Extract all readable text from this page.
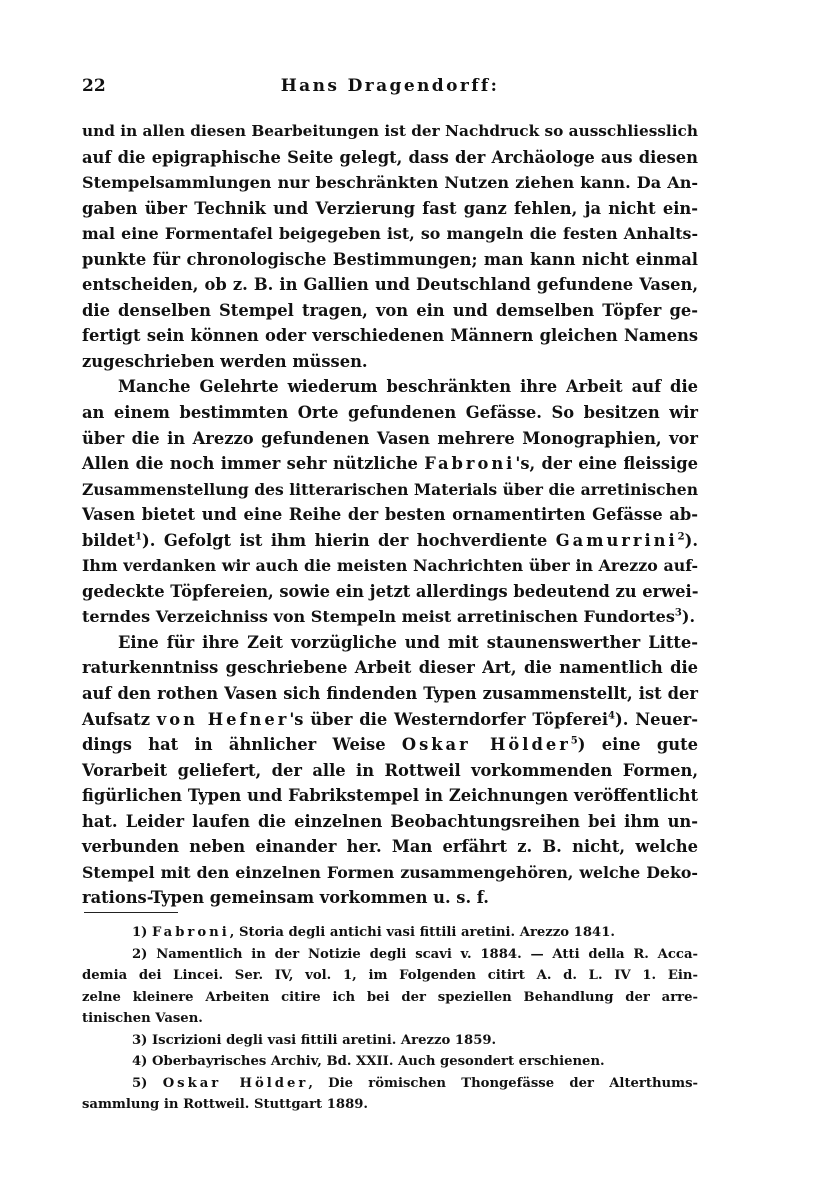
22	Hans Dragendorff:
und in allen diesen Bearbeitungen ist der Nachdruck so ausschliesslich
auf die epigraphische Seite gelegt, dass der Archäologe aus diesen
Stempelsammlungen nur beschränkten Nutzen ziehen kann. Da An-
gaben über Technik und Verzierung fast ganz fehlen, ja nicht ein-
mal eine Formentafel beigegeben ist, so mangeln die festen Anhalts-
punkte für chronologische Bestimmungen; man kann nicht einmal
entscheiden, ob z. B. in Gallien und Deutschland gefundene Vasen,
die denselben Stempel tragen, von ein und demselben Töpfer ge-
fertigt sein können oder verschiedenen Männern gleichen Namens
zugeschrieben werden müssen.
Manche Gelehrte wiederum beschränkten ihre Arbeit auf die
an einem bestimmten Orte gefundenen Gefässe. So besitzen wir
über die in Arezzo gefundenen Vasen mehrere Monographien, vor
Allen die noch immer sehr nützliche Fabroni's, der eine fleissige
Zusammenstellung des litterarischen Materials über die arretinischen
Vasen bietet und eine Reihe der besten ornamentirten Gefässe ab-
bildet$^1$). Gefolgt ist ihm hierin der hochverdiente Gamurrini$^2$).
Ihm verdanken wir auch die meisten Nachrichten über in Arezzo auf-
gedeckte Töpfereien, sowie ein jetzt allerdings bedeutend zu erwei-
terndes Verzeichniss von Stempeln meist arretinischen Fundortes$^3$).
Eine für ihre Zeit vorzügliche und mit staunenswerther Litte-
raturkenntniss geschriebene Arbeit dieser Art, die namentlich die
auf den rothen Vasen sich findenden Typen zusammenstellt, ist der
Aufsatz von Hefner's über die Westerndorfer Töpferei$^4$). Neuer-
dings hat in ähnlicher Weise Oskar Hölder$^5$) eine gute
Vorarbeit geliefert, der alle in Rottweil vorkommenden Formen,
figürlichen Typen und Fabrikstempel in Zeichnungen veröffentlicht
hat. Leider laufen die einzelnen Beobachtungsreihen bei ihm un-
verbunden neben einander her. Man erfährt z. B. nicht, welche
Stempel mit den einzelnen Formen zusammengehören, welche Deko-
rations-Typen gemeinsam vorkommen u. s. f.
1) Fabroni, Storia degli antichi vasi fittili aretini. Arezzo 1841.
2) Namentlich in der Notizie degli scavi v. 1884. — Atti della R. Acca-
demia dei Lincei. Ser. IV, vol. 1, im Folgenden citirt A. d. L. IV 1. Ein-
zelne kleinere Arbeiten citire ich bei der speziellen Behandlung der arre-
tinischen Vasen.
3) Iscrizioni degli vasi fittili aretini. Arezzo 1859.
4) Oberbayrisches Archiv, Bd. XXII. Auch gesondert erschienen.
5) Oskar Hölder, Die römischen Thongefässe der Alterthums-
sammlung in Rottweil. Stuttgart 1889.
